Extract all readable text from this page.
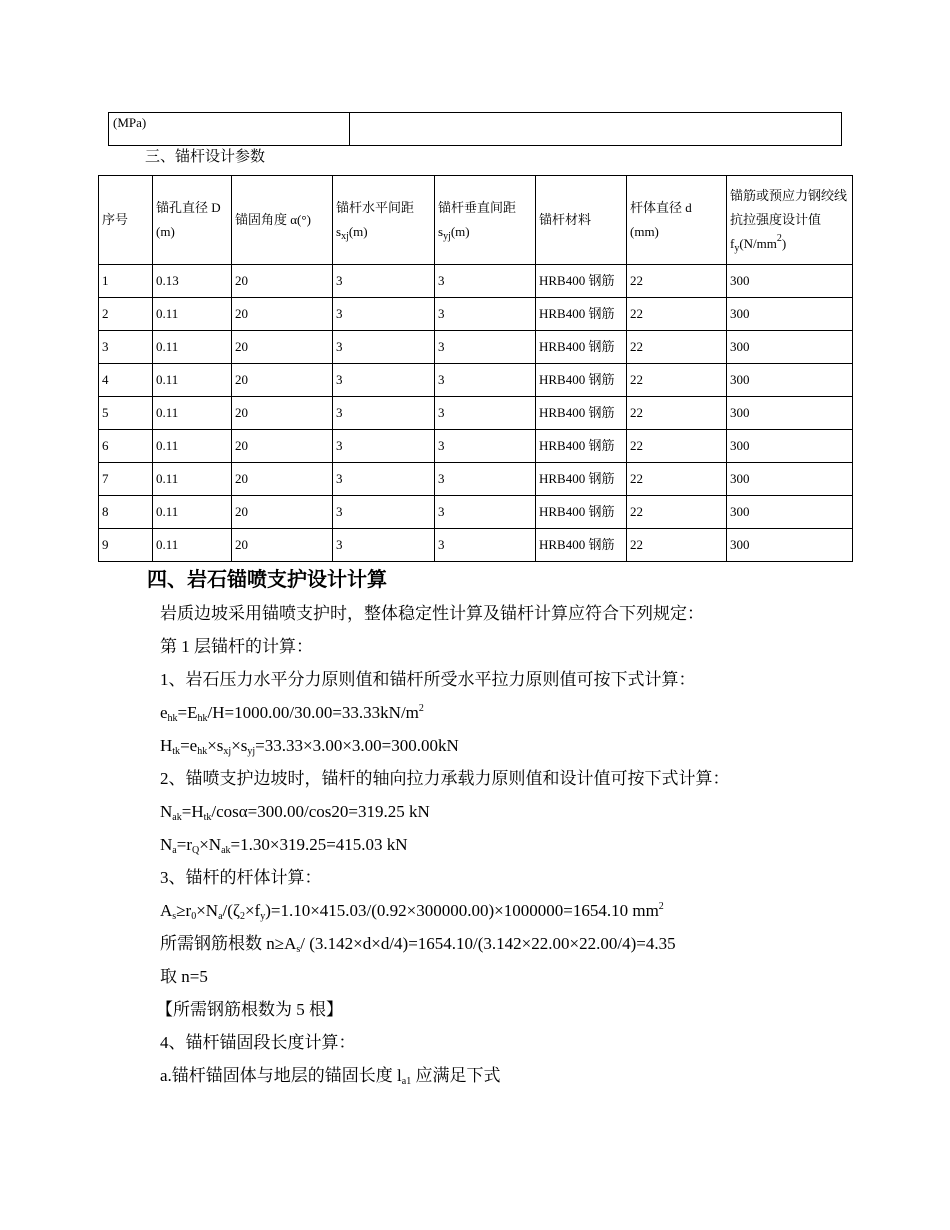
(MPa)	
三、锚杆设计参数
序号	锚孔直径 D (m)	锚固角度 α(°)	锚杆水平间距 $s_{xj}(m)$	锚杆垂直间距 $s_{yj}(m)$	锚杆材料	杆体直径 d (mm)	锚筋或预应力钢绞线抗拉强度设计值$f_y(N/mm^2)$
1	0.13	20	3	3	HRB400 钢筋	22	300
2	0.11	20	3	3	HRB400 钢筋	22	300
3	0.11	20	3	3	HRB400 钢筋	22	300
4	0.11	20	3	3	HRB400 钢筋	22	300
5	0.11	20	3	3	HRB400 钢筋	22	300
6	0.11	20	3	3	HRB400 钢筋	22	300
7	0.11	20	3	3	HRB400 钢筋	22	300
8	0.11	20	3	3	HRB400 钢筋	22	300
9	0.11	20	3	3	HRB400 钢筋	22	300
四、岩石锚喷支护设计计算
岩质边坡采用锚喷支护时，整体稳定性计算及锚杆计算应符合下列规定：
第 1 层锚杆的计算：
1、岩石压力水平分力原则值和锚杆所受水平拉力原则值可按下式计算：
$e_{hk}=E_{hk}/H=1000.00/30.00=33.33kN/m^2$
$H_{tk}=e_{hk}\times s_{xj}\times s_{yj}=33.33\times 3.00\times 3.00=300.00kN$
2、锚喷支护边坡时，锚杆的轴向拉力承载力原则值和设计值可按下式计算：
$N_{ak}=H_{tk}/\cos\alpha=300.00/\cos 20=319.25$ kN
$N_a=r_Q\times N_{ak}=1.30\times 319.25=415.03$ kN
3、锚杆的杆体计算：
$A_s\ge r_0\times N_a/(\zeta_2\times f_y)=1.10\times 415.03/(0.92\times 300000.00)\times 1000000=1654.10$ $mm^2$
所需钢筋根数 $n\ge A_s/$ (3.142×d×d/4)=1654.10/(3.142×22.00×22.00/4)=4.35
取 n=5
【所需钢筋根数为 5 根】
4、锚杆锚固段长度计算：
a.锚杆锚固体与地层的锚固长度 $l_{a1}$ 应满足下式
